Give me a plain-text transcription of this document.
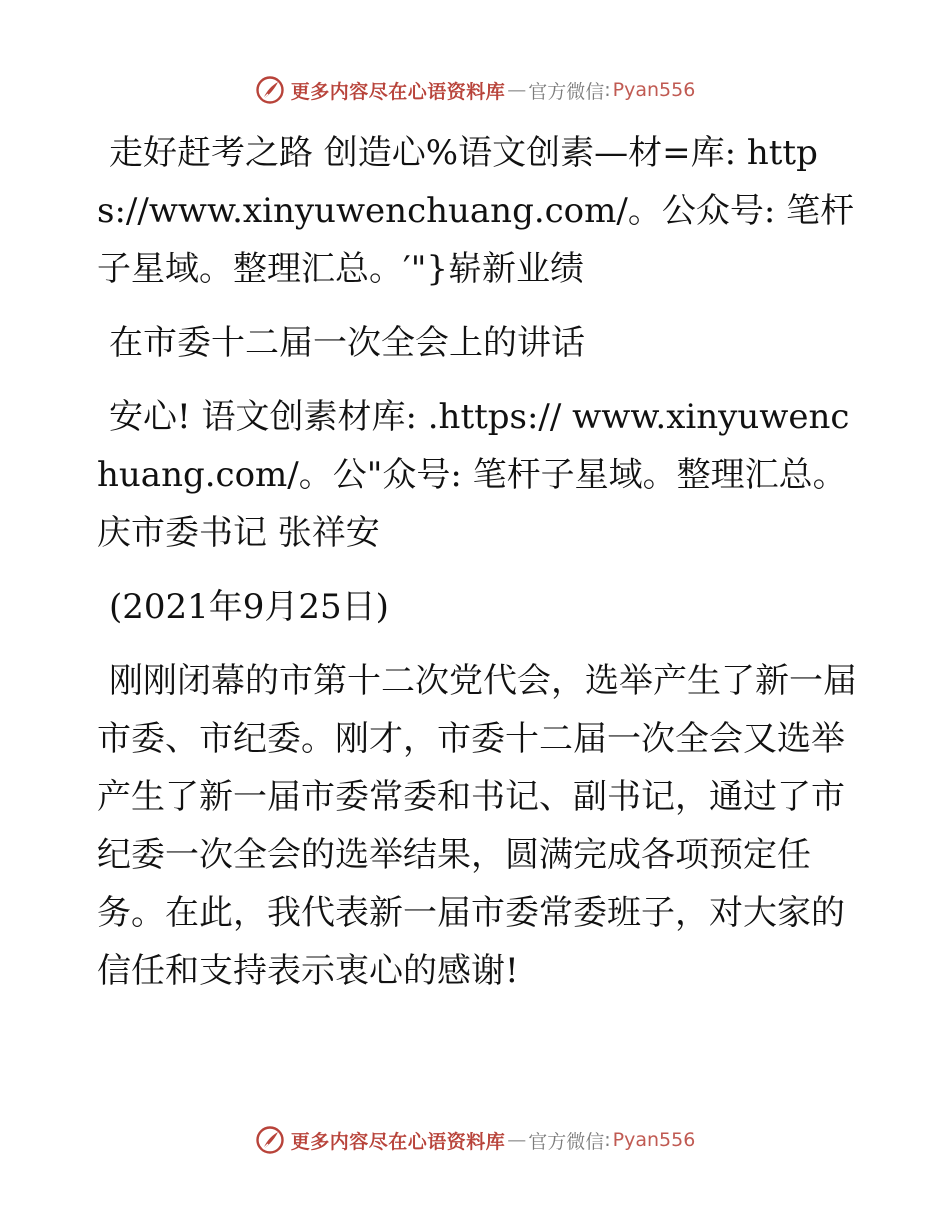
更多内容尽在心语资料库 — 官方微信 : Pyan556

走好赶考之路 创造心%语文创素—材=库: https://www.xinyuwenchuang.com/。公众号: 笔杆子星域。整理汇总。′"}崭新业绩

在市委十二届一次全会上的讲话

安心! 语文创素材库: .https:// www.xinyuwenchuang.com/。公"众号: 笔杆子星域。整理汇总。庆市委书记 张祥安

(2021年9月25日)

刚刚闭幕的市第十二次党代会，选举产生了新一届市委、市纪委。刚才，市委十二届一次全会又选举产生了新一届市委常委和书记、副书记，通过了市纪委一次全会的选举结果，圆满完成各项预定任务。在此，我代表新一届市委常委班子，对大家的信任和支持表示衷心的感谢!

更多内容尽在心语资料库 — 官方微信 : Pyan556
